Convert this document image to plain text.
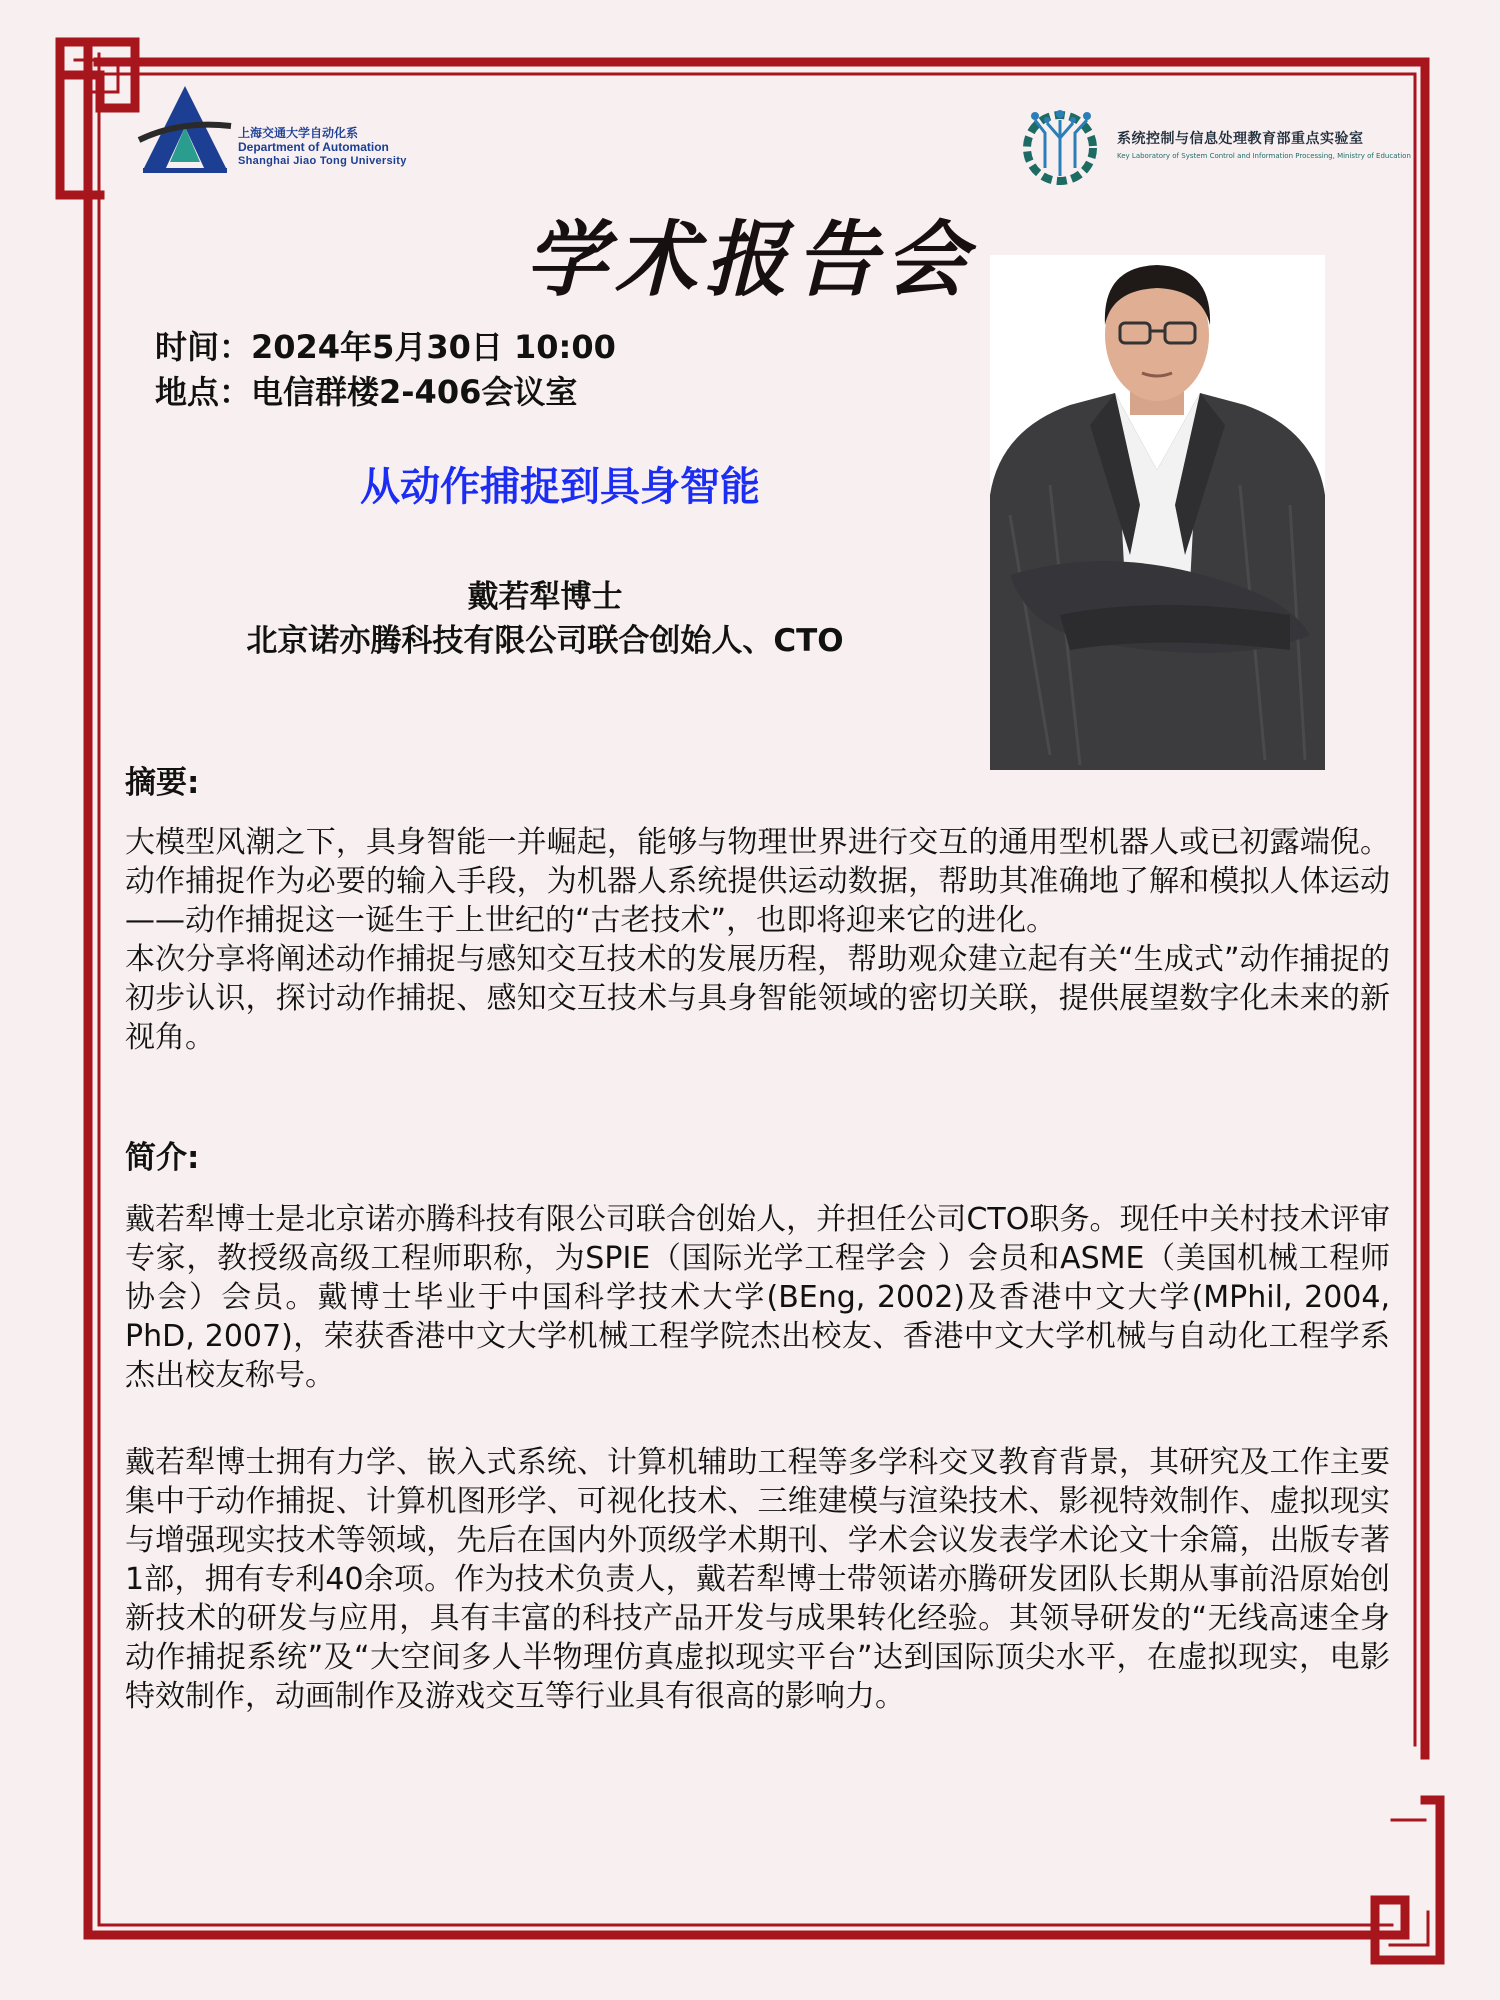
上海交通大学自动化系
Department of Automation
Shanghai Jiao Tong University
系统控制与信息处理教育部重点实验室
Key Laboratory of System Control and Information Processing, Ministry of Education
学术报告会
时间：2024年5月30日 10:00
地点：电信群楼2-406会议室
从动作捕捉到具身智能
戴若犁博士
北京诺亦腾科技有限公司联合创始人、CTO
摘要:
大模型风潮之下，具身智能一并崛起，能够与物理世界进行交互的通用型机器人或已初露端倪。动作捕捉作为必要的输入手段，为机器人系统提供运动数据，帮助其准确地了解和模拟人体运动——动作捕捉这一诞生于上世纪的“古老技术”，也即将迎来它的进化。
本次分享将阐述动作捕捉与感知交互技术的发展历程，帮助观众建立起有关“生成式”动作捕捉的初步认识，探讨动作捕捉、感知交互技术与具身智能领域的密切关联，提供展望数字化未来的新视角。
简介:
戴若犁博士是北京诺亦腾科技有限公司联合创始人，并担任公司CTO职务。现任中关村技术评审专家，教授级高级工程师职称，为SPIE（国际光学工程学会 ）会员和ASME（美国机械工程师协会）会员。戴博士毕业于中国科学技术大学(BEng, 2002)及香港中文大学(MPhil, 2004, PhD, 2007)，荣获香港中文大学机械工程学院杰出校友、香港中文大学机械与自动化工程学系杰出校友称号。
戴若犁博士拥有力学、嵌入式系统、计算机辅助工程等多学科交叉教育背景，其研究及工作主要集中于动作捕捉、计算机图形学、可视化技术、三维建模与渲染技术、影视特效制作、虚拟现实与增强现实技术等领域，先后在国内外顶级学术期刊、学术会议发表学术论文十余篇，出版专著1部，拥有专利40余项。作为技术负责人，戴若犁博士带领诺亦腾研发团队长期从事前沿原始创新技术的研发与应用，具有丰富的科技产品开发与成果转化经验。其领导研发的“无线高速全身动作捕捉系统”及“大空间多人半物理仿真虚拟现实平台”达到国际顶尖水平，在虚拟现实，电影特效制作，动画制作及游戏交互等行业具有很高的影响力。
